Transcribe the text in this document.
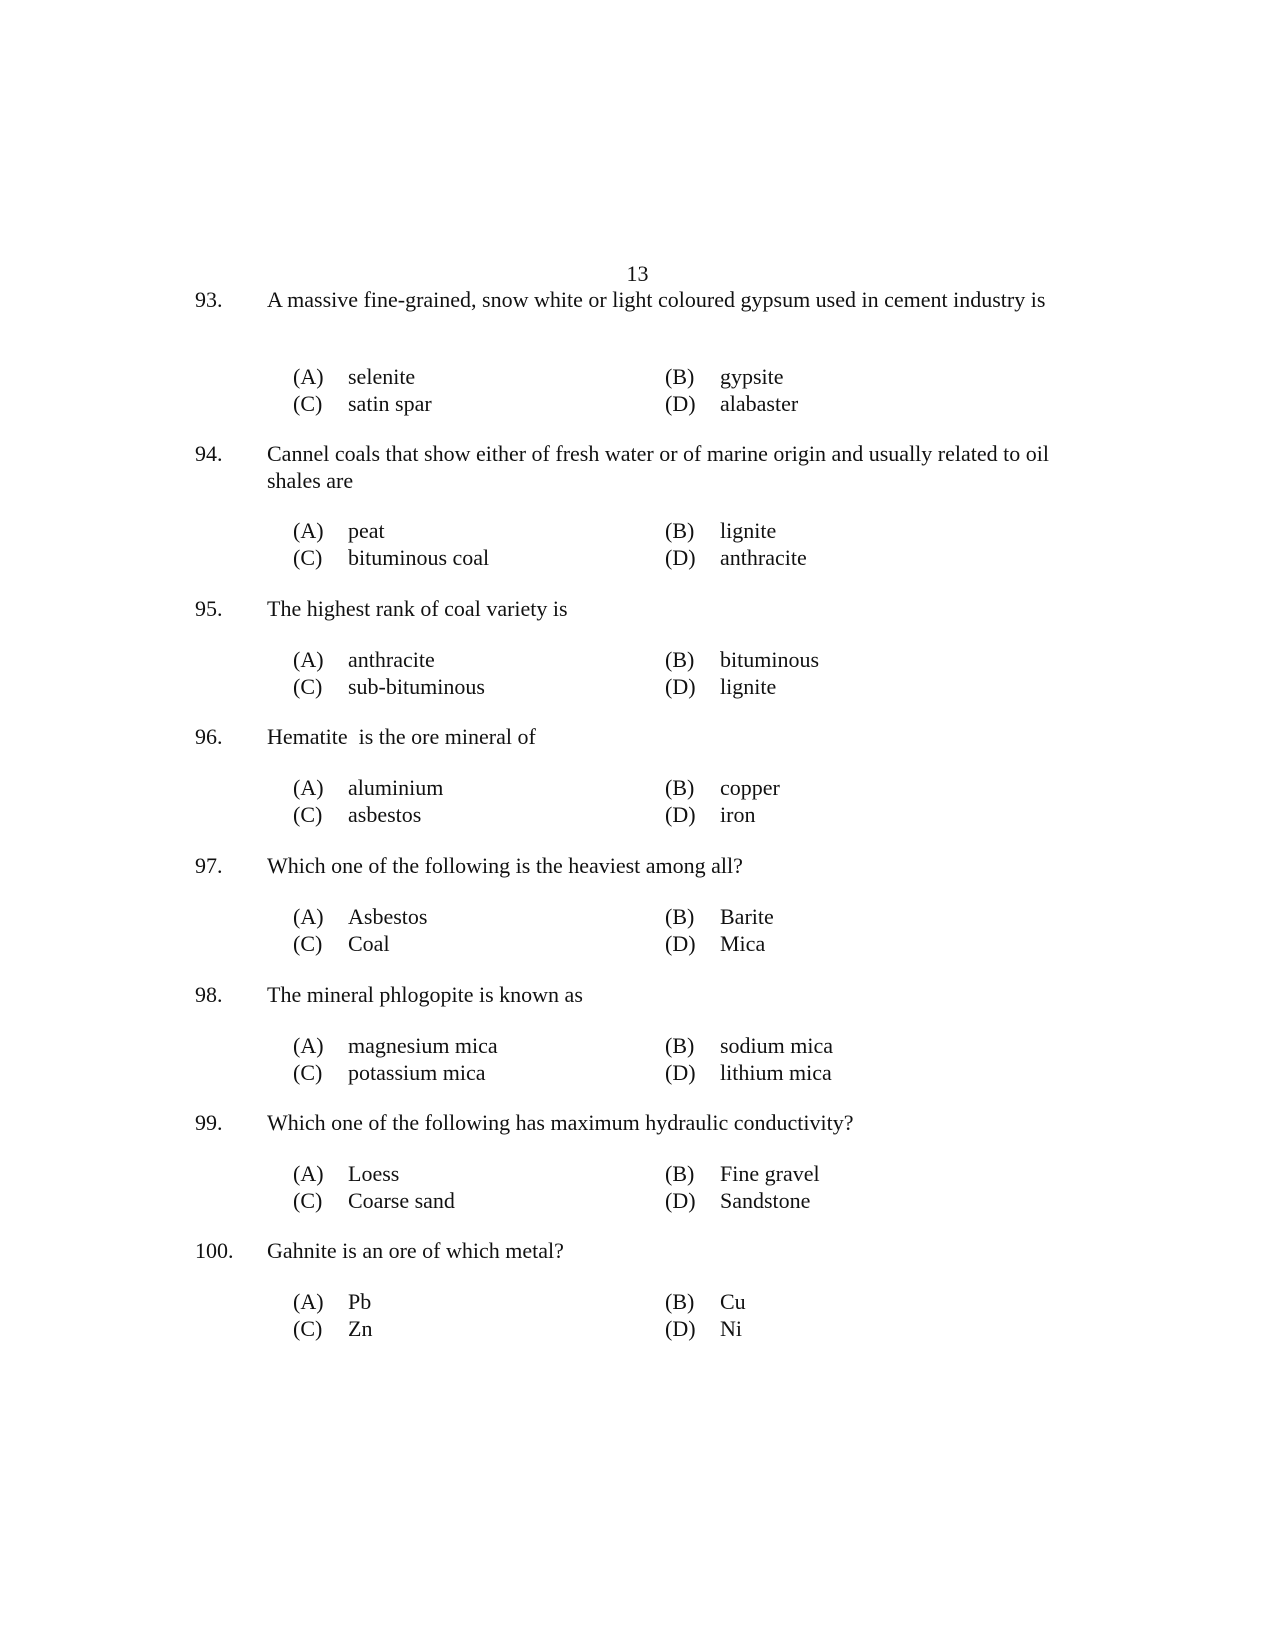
13
93. A massive fine-grained, snow white or light coloured gypsum used in cement industry is
(A) selenite	(B) gypsite
(C) satin spar	(D) alabaster
94. Cannel coals that show either of fresh water or of marine origin and usually related to oil shales are
(A) peat	(B) lignite
(C) bituminous coal	(D) anthracite
95. The highest rank of coal variety is
(A) anthracite	(B) bituminous
(C) sub-bituminous	(D) lignite
96. Hematite  is the ore mineral of
(A) aluminium	(B) copper
(C) asbestos	(D) iron
97. Which one of the following is the heaviest among all?
(A) Asbestos	(B) Barite
(C) Coal	(D) Mica
98. The mineral phlogopite is known as
(A) magnesium mica	(B) sodium mica
(C) potassium mica	(D) lithium mica
99. Which one of the following has maximum hydraulic conductivity?
(A) Loess	(B) Fine gravel
(C) Coarse sand	(D) Sandstone
100. Gahnite is an ore of which metal?
(A) Pb	(B) Cu
(C) Zn	(D) Ni
